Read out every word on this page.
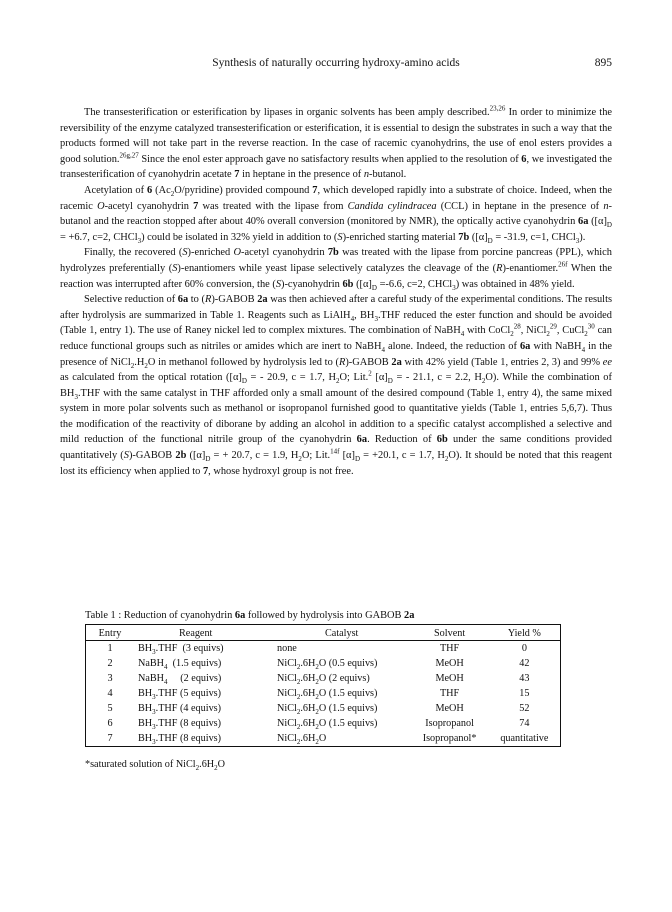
Synthesis of naturally occurring hydroxy-amino acids	895

The transesterification or esterification by lipases in organic solvents has been amply described.$^{23,26}$ In order to minimize the reversibility of the enzyme catalyzed transesterification or esterification, it is essential to design the substrates in such a way that the products formed will not take part in the reverse reaction. In the case of racemic cyanohydrins, the use of enol esters provides a good solution.$^{26g,27}$ Since the enol ester approach gave no satisfactory results when applied to the resolution of 6, we investigated the transesterification of cyanohydrin acetate 7 in heptane in the presence of n-butanol.

Acetylation of 6 $(Ac_2O/pyridine)$ provided compound 7, which developed rapidly into a substrate of choice. Indeed, when the racemic O-acetyl cyanohydrin 7 was treated with the lipase from Candida cylindracea (CCL) in heptane in the presence of n-butanol and the reaction stopped after about 40% overall conversion (monitored by NMR), the optically active cyanohydrin 6a ($[\alpha]_D = +6.7$, c=2, CHCl$_3$) could be isolated in 32% yield in addition to (S)-enriched starting material 7b ($[\alpha]_D = -31.9$, c=1, CHCl$_3$).

Finally, the recovered (S)-enriched O-acetyl cyanohydrin 7b was treated with the lipase from porcine pancreas (PPL), which hydrolyzes preferentially (S)-enantiomers while yeast lipase selectively catalyzes the cleavage of the (R)-enantiomer.$^{26f}$ When the reaction was interrupted after 60% conversion, the (S)-cyanohydrin 6b ($[\alpha]_D =-6.6$, c=2, CHCl$_3$) was obtained in 48% yield.

Selective reduction of 6a to (R)-GABOB 2a was then achieved after a careful study of the experimental conditions. The results after hydrolysis are summarized in Table 1. Reagents such as LiAlH$_4$, $BH_3.THF$ reduced the ester function and should be avoided (Table 1, entry 1). The use of Raney nickel led to complex mixtures. The combination of NaBH$_4$ with CoCl$_2^{28}$, NiCl$_2^{29}$, CuCl$_2^{30}$ can reduce functional groups such as nitriles or amides which are inert to NaBH$_4$ alone. Indeed, the reduction of 6a with NaBH$_4$ in the presence of $NiCl_2.H_2O$ in methanol followed by hydrolysis led to (R)-GABOB 2a with 42% yield (Table 1, entries 2, 3) and 99% ee as calculated from the optical rotation ($[\alpha]_D$ = - 20.9, c = 1.7, $H_2O$; Lit.$^2$ $[\alpha]_D$ = - 21.1, c = 2.2, $H_2O$). While the combination of $BH_3.THF$ with the same catalyst in THF afforded only a small amount of the desired compound (Table 1, entry 4), the same mixed system in more polar solvents such as methanol or isopropanol furnished good to quantitative yields (Table 1, entries 5,6,7). Thus the modification of the reactivity of diborane by adding an alcohol in addition to a specific catalyst accomplished a selective and mild reduction of the functional nitrile group of the cyanohydrin 6a. Reduction of 6b under the same conditions provided quantitatively (S)-GABOB 2b ($[\alpha]_D$ = + 20.7, c = 1.9, $H_2O$; Lit.$^{14f}$ $[\alpha]_D = +20.1$, c = 1.7, $H_2O$). It should be noted that this reagent lost its efficiency when applied to 7, whose hydroxyl group is not free.

Table 1 : Reduction of cyanohydrin 6a followed by hydrolysis into GABOB 2a
Entry	Reagent	Catalyst	Solvent	Yield %
1	$BH_3.THF$  (3 equivs)	none	THF	0
2	NaBH$_4$  (1.5 equivs)	$NiCl_2.6H_2O$ (0.5 equivs)	MeOH	42
3	NaBH$_4$     (2 equivs)	$NiCl_2.6H_2O$ (2 equivs)	MeOH	43
4	$BH_3.THF$ (5 equivs)	$NiCl_2.6H_2O$ (1.5 equivs)	THF	15
5	$BH_3.THF$ (4 equivs)	$NiCl_2.6H_2O$ (1.5 equivs)	MeOH	52
6	$BH_3.THF$ (8 equivs)	$NiCl_2.6H_2O$ (1.5 equivs)	Isopropanol	74
7	$BH_3.THF$ (8 equivs)	$NiCl_2.6H_2O$	Isopropanol*	quantitative
*saturated solution of $NiCl_2.6H_2O$
